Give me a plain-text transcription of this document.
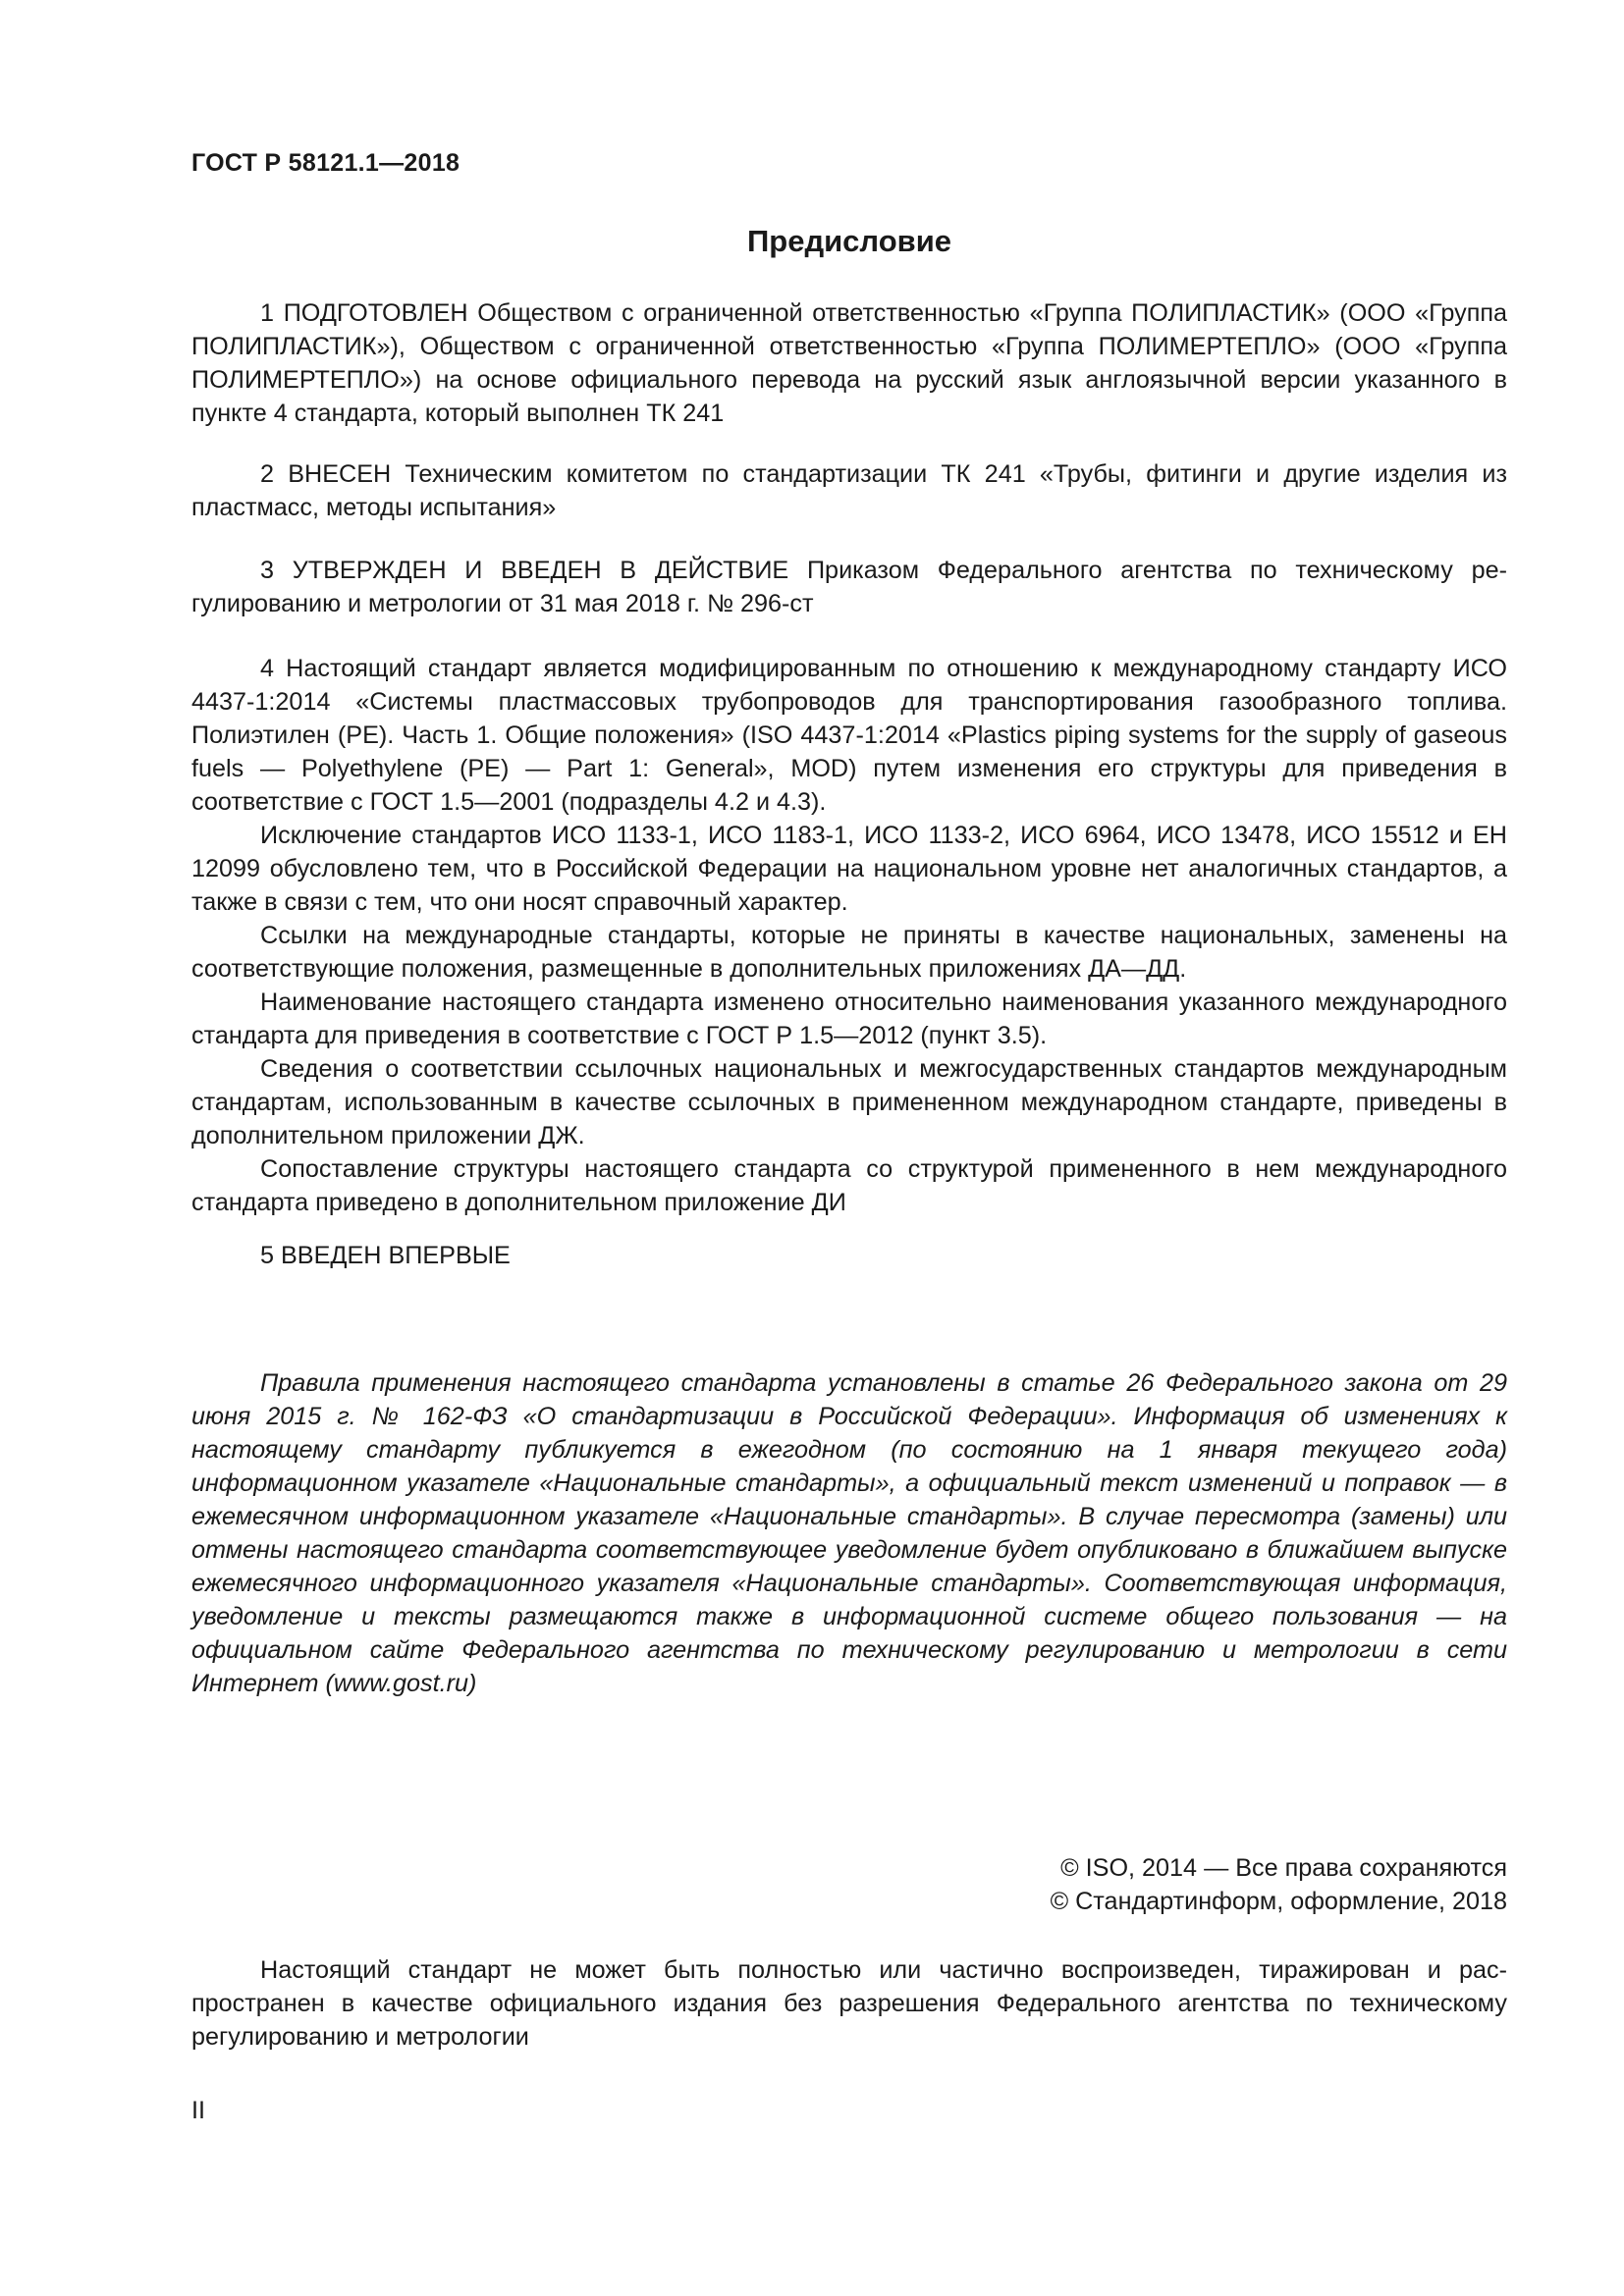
ГОСТ Р 58121.1—2018
Предисловие

1 ПОДГОТОВЛЕН Обществом с ограниченной ответственностью «Группа ПОЛИПЛАСТИК» (ООО «Группа ПОЛИПЛАСТИК»), Обществом с ограниченной ответственностью «Группа ПОЛИМЕРТЕПЛО» (ООО «Группа ПОЛИМЕРТЕПЛО») на основе официального перевода на русский язык англоязычной версии указанного в пункте 4 стандарта, который выполнен ТК 241

2 ВНЕСЕН Техническим комитетом по стандартизации ТК 241 «Трубы, фитинги и другие изделия из пластмасс, методы испытания»

3 УТВЕРЖДЕН И ВВЕДЕН В ДЕЙСТВИЕ Приказом Федерального агентства по техническому регулированию и метрологии от 31 мая 2018 г. № 296-ст

4 Настоящий стандарт является модифицированным по отношению к международному стандарту ИСО 4437-1:2014 «Системы пластмассовых трубопроводов для транспортирования газообразного топлива. Полиэтилен (PE). Часть 1. Общие положения» (ISO 4437-1:2014 «Plastics piping systems for the supply of gaseous fuels — Polyethylene (PE) — Part 1: General», MOD) путем изменения его структуры для приведения в соответствие с ГОСТ 1.5—2001 (подразделы 4.2 и 4.3).

Исключение стандартов ИСО 1133-1, ИСО 1183-1, ИСО 1133-2, ИСО 6964, ИСО 13478, ИСО 15512 и ЕН 12099 обусловлено тем, что в Российской Федерации на национальном уровне нет аналогичных стандартов, а также в связи с тем, что они носят справочный характер.

Ссылки на международные стандарты, которые не приняты в качестве национальных, заменены на соответствующие положения, размещенные в дополнительных приложениях ДА—ДД.

Наименование настоящего стандарта изменено относительно наименования указанного международного стандарта для приведения в соответствие с ГОСТ Р 1.5—2012 (пункт 3.5).

Сведения о соответствии ссылочных национальных и межгосударственных стандартов международным стандартам, использованным в качестве ссылочных в примененном международном стандарте, приведены в дополнительном приложении ДЖ.

Сопоставление структуры настоящего стандарта со структурой примененного в нем международного стандарта приведено в дополнительном приложение ДИ

5 ВВЕДЕН ВПЕРВЫЕ

Правила применения настоящего стандарта установлены в статье 26 Федерального закона от 29 июня 2015 г. № 162-ФЗ «О стандартизации в Российской Федерации». Информация об изменениях к настоящему стандарту публикуется в ежегодном (по состоянию на 1 января текущего года) информационном указателе «Национальные стандарты», а официальный текст изменений и поправок — в ежемесячном информационном указателе «Национальные стандарты». В случае пересмотра (замены) или отмены настоящего стандарта соответствующее уведомление будет опубликовано в ближайшем выпуске ежемесячного информационного указателя «Национальные стандарты». Соответствующая информация, уведомление и тексты размещаются также в информационной системе общего пользования — на официальном сайте Федерального агентства по техническому регулированию и метрологии в сети Интернет (www.gost.ru)

© ISO, 2014 — Все права сохраняются
© Стандартинформ, оформление, 2018

Настоящий стандарт не может быть полностью или частично воспроизведен, тиражирован и распространен в качестве официального издания без разрешения Федерального агентства по техническому регулированию и метрологии

II
